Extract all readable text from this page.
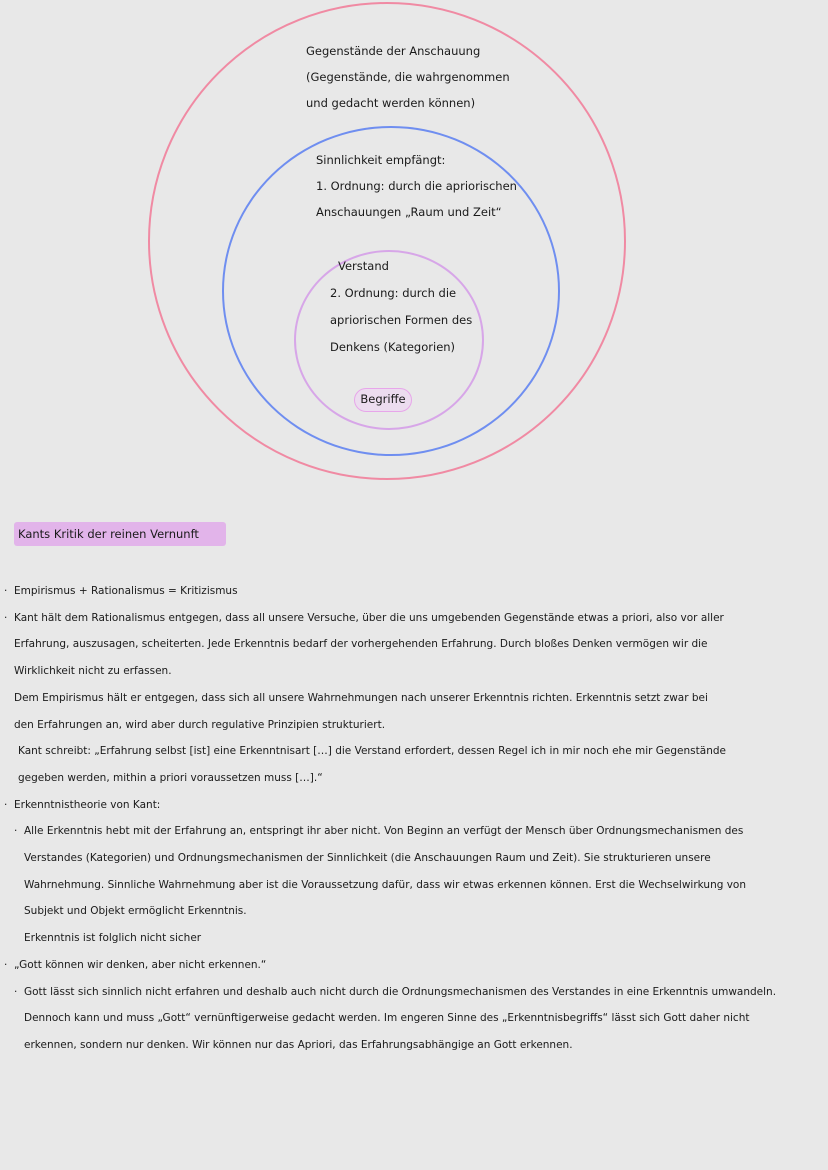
Gegenstände der Anschauung
(Gegenstände, die wahrgenommen
und gedacht werden können)
Sinnlichkeit empfängt:
1. Ordnung: durch die apriorischen
Anschauungen „Raum und Zeit“
Verstand
2. Ordnung: durch die
apriorischen Formen des
Denkens (Kategorien)
Begriffe
Kants Kritik der reinen Vernunft
· Empirismus + Rationalismus = Kritizismus
· Kant hält dem Rationalismus entgegen, dass all unsere Versuche, über die uns umgebenden Gegenstände etwas a priori, also vor aller
Erfahrung, auszusagen, scheiterten. Jede Erkenntnis bedarf der vorhergehenden Erfahrung. Durch bloßes Denken vermögen wir die
Wirklichkeit nicht zu erfassen.
Dem Empirismus hält er entgegen, dass sich all unsere Wahrnehmungen nach unserer Erkenntnis richten. Erkenntnis setzt zwar bei
den Erfahrungen an, wird aber durch regulative Prinzipien strukturiert.
Kant schreibt: „Erfahrung selbst [ist] eine Erkenntnisart […] die Verstand erfordert, dessen Regel ich in mir noch ehe mir Gegenstände
gegeben werden, mithin a priori voraussetzen muss […].“
· Erkenntnistheorie von Kant:
· Alle Erkenntnis hebt mit der Erfahrung an, entspringt ihr aber nicht. Von Beginn an verfügt der Mensch über Ordnungsmechanismen des
Verstandes (Kategorien) und Ordnungsmechanismen der Sinnlichkeit (die Anschauungen Raum und Zeit). Sie strukturieren unsere
Wahrnehmung. Sinnliche Wahrnehmung aber ist die Voraussetzung dafür, dass wir etwas erkennen können. Erst die Wechselwirkung von
Subjekt und Objekt ermöglicht Erkenntnis.
Erkenntnis ist folglich nicht sicher
· „Gott können wir denken, aber nicht erkennen.“
· Gott lässt sich sinnlich nicht erfahren und deshalb auch nicht durch die Ordnungsmechanismen des Verstandes in eine Erkenntnis umwandeln.
Dennoch kann und muss „Gott“ vernünftigerweise gedacht werden. Im engeren Sinne des „Erkenntnisbegriffs“ lässt sich Gott daher nicht
erkennen, sondern nur denken. Wir können nur das Apriori, das Erfahrungsabhängige an Gott erkennen.
